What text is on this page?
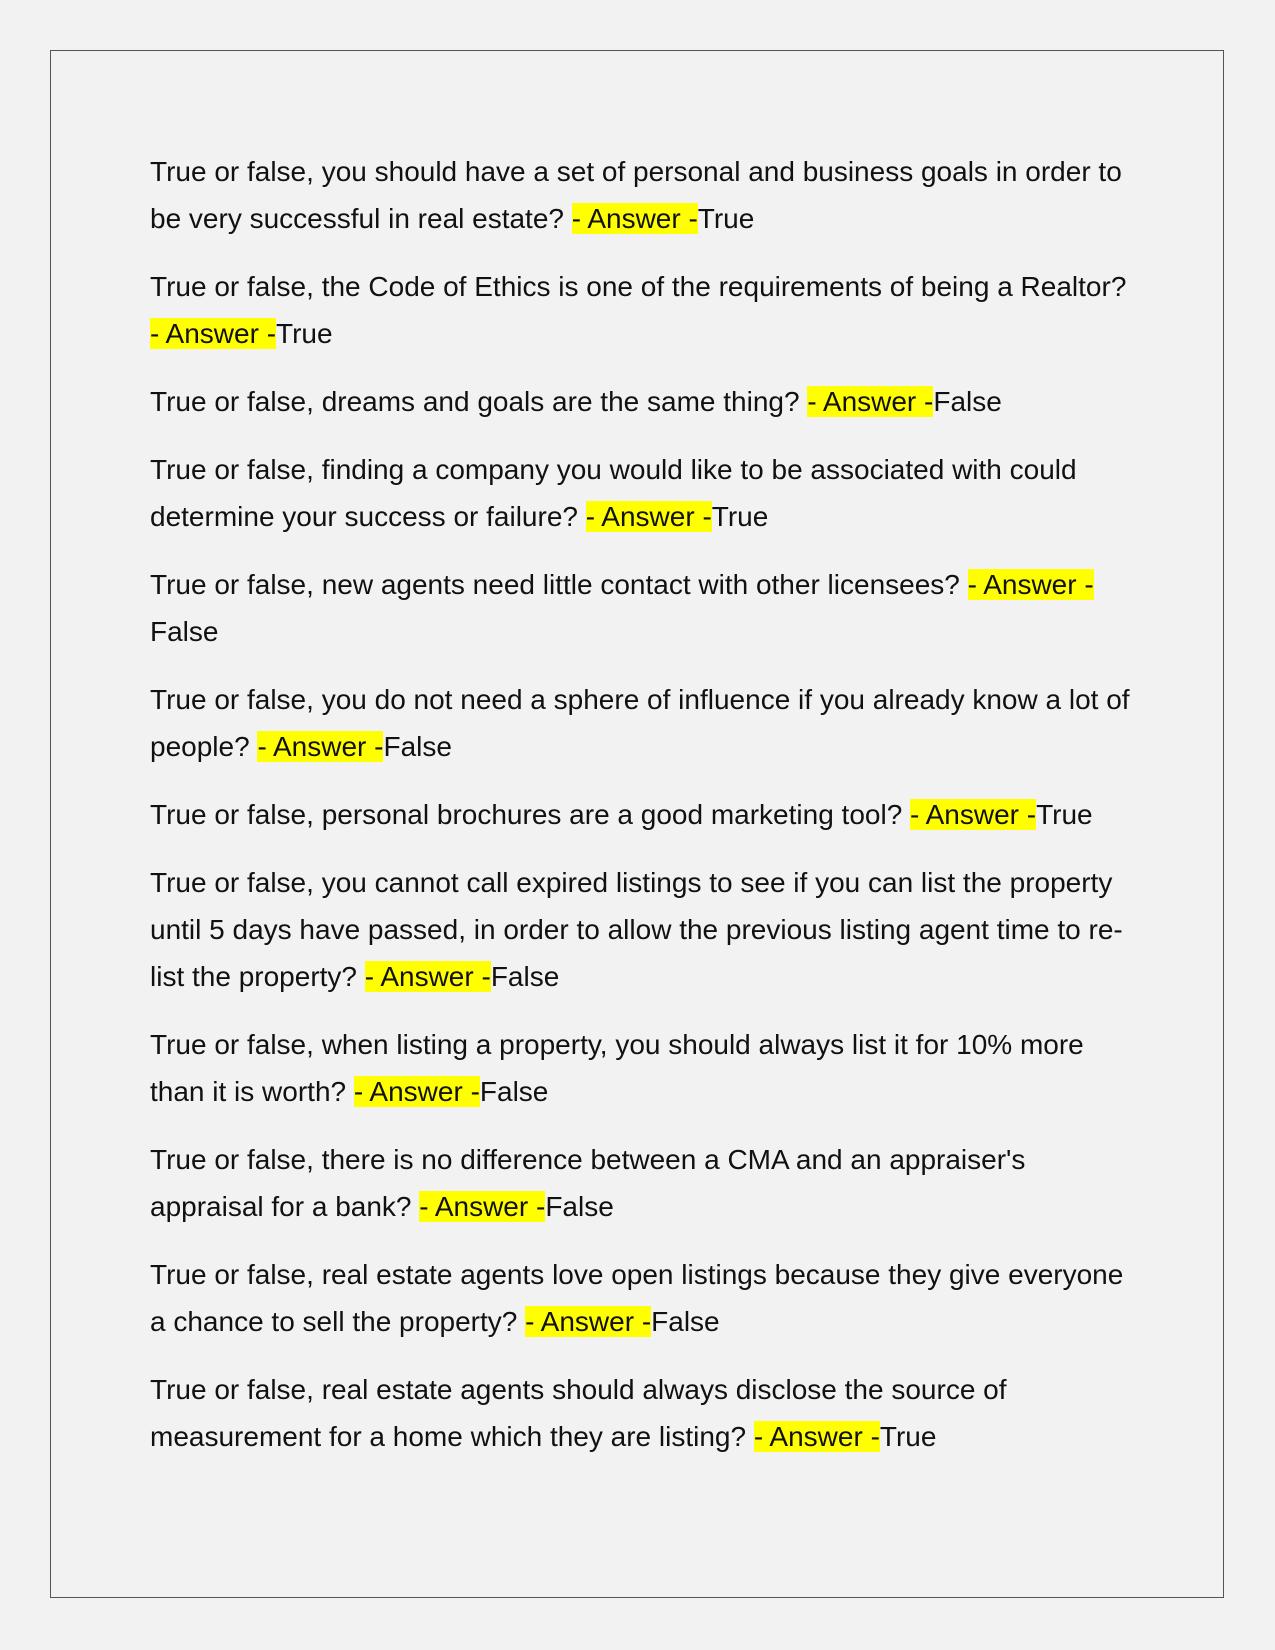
True or false, you should have a set of personal and business goals in order to be very successful in real estate? - Answer -True

True or false, the Code of Ethics is one of the requirements of being a Realtor? - Answer -True

True or false, dreams and goals are the same thing? - Answer -False

True or false, finding a company you would like to be associated with could determine your success or failure? - Answer -True

True or false, new agents need little contact with other licensees? - Answer -False

True or false, you do not need a sphere of influence if you already know a lot of people? - Answer -False

True or false, personal brochures are a good marketing tool? - Answer -True

True or false, you cannot call expired listings to see if you can list the property until 5 days have passed, in order to allow the previous listing agent time to re-list the property? - Answer -False

True or false, when listing a property, you should always list it for 10% more than it is worth? - Answer -False

True or false, there is no difference between a CMA and an appraiser's appraisal for a bank? - Answer -False

True or false, real estate agents love open listings because they give everyone a chance to sell the property? - Answer -False

True or false, real estate agents should always disclose the source of measurement for a home which they are listing? - Answer -True
